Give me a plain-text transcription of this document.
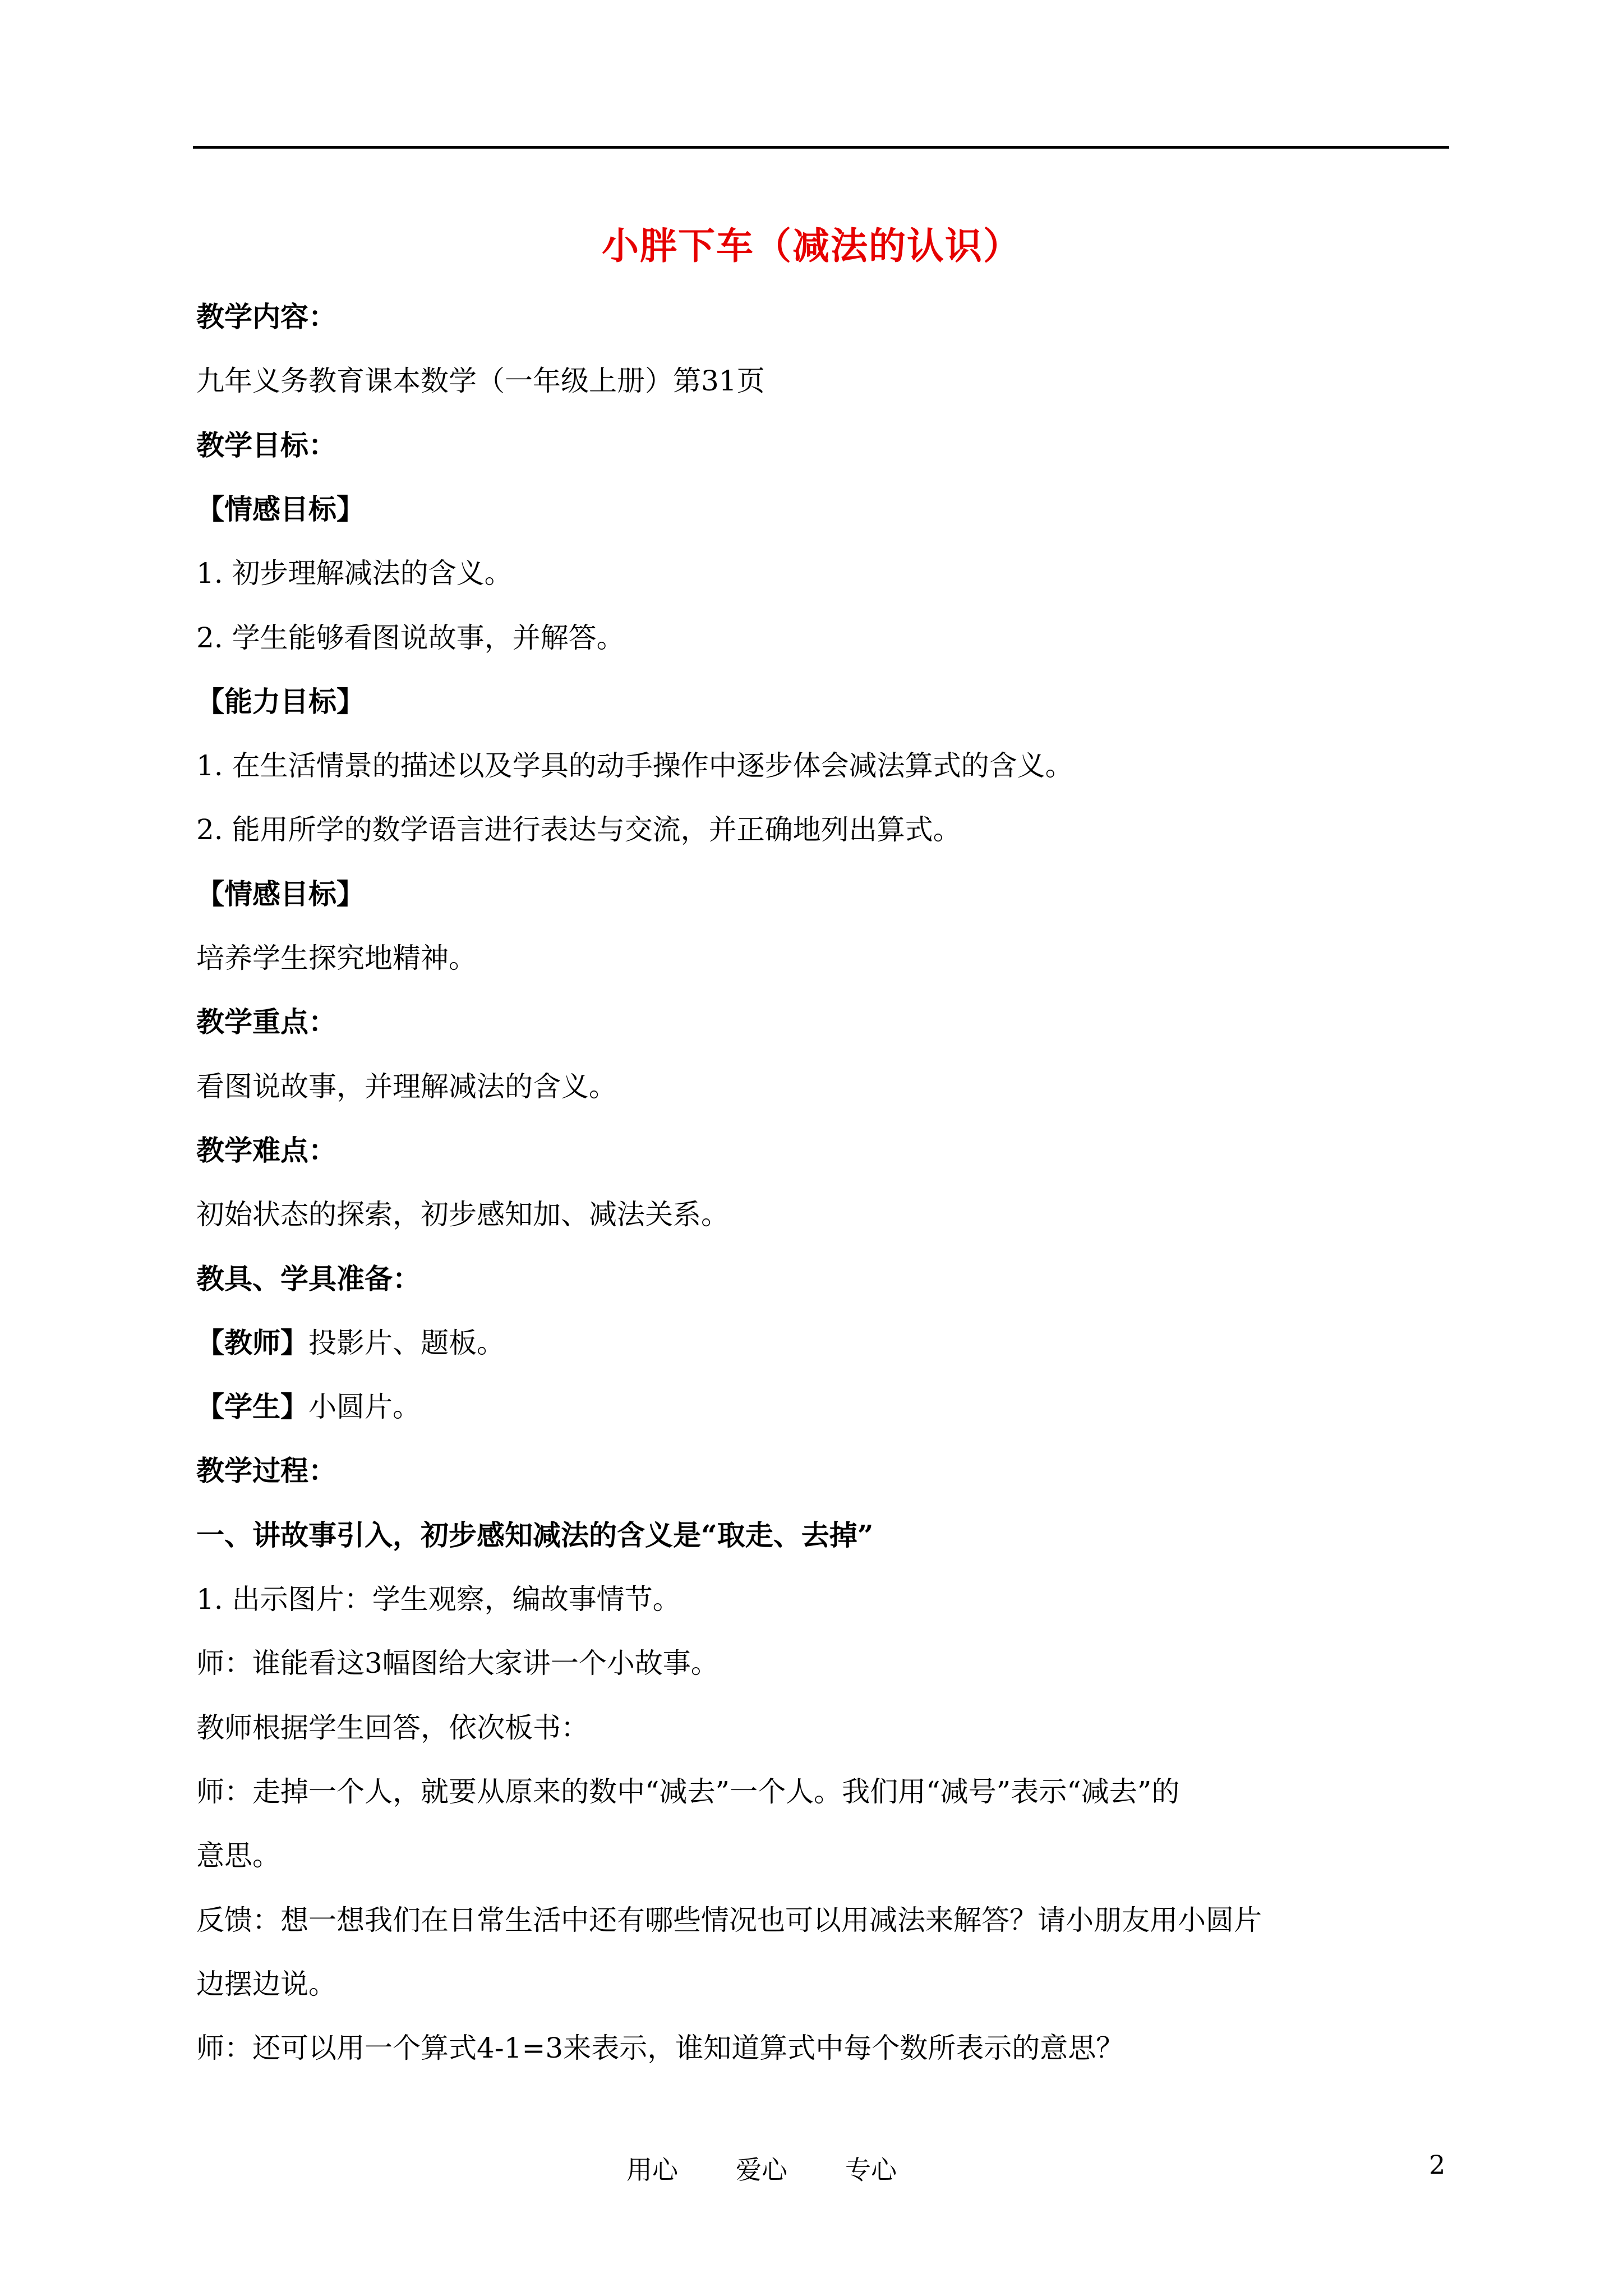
小胖下车（减法的认识）
教学内容：
九年义务教育课本数学（一年级上册）第31页
教学目标：
【情感目标】
1. 初步理解减法的含义。
2. 学生能够看图说故事，并解答。
【能力目标】
1. 在生活情景的描述以及学具的动手操作中逐步体会减法算式的含义。
2. 能用所学的数学语言进行表达与交流，并正确地列出算式。
【情感目标】
培养学生探究地精神。
教学重点：
看图说故事，并理解减法的含义。
教学难点：
初始状态的探索，初步感知加、减法关系。
教具、学具准备：
【教师】投影片、题板。
【学生】小圆片。
教学过程：
一、讲故事引入，初步感知减法的含义是“取走、去掉”
1. 出示图片：学生观察，编故事情节。
师：谁能看这3幅图给大家讲一个小故事。
教师根据学生回答，依次板书：
师：走掉一个人，就要从原来的数中“减去”一个人。我们用“减号”表示“减去”的
意思。
反馈：想一想我们在日常生活中还有哪些情况也可以用减法来解答？请小朋友用小圆片
边摆边说。
师：还可以用一个算式4-1=3来表示，谁知道算式中每个数所表示的意思？
用心 爱心 专心	2
